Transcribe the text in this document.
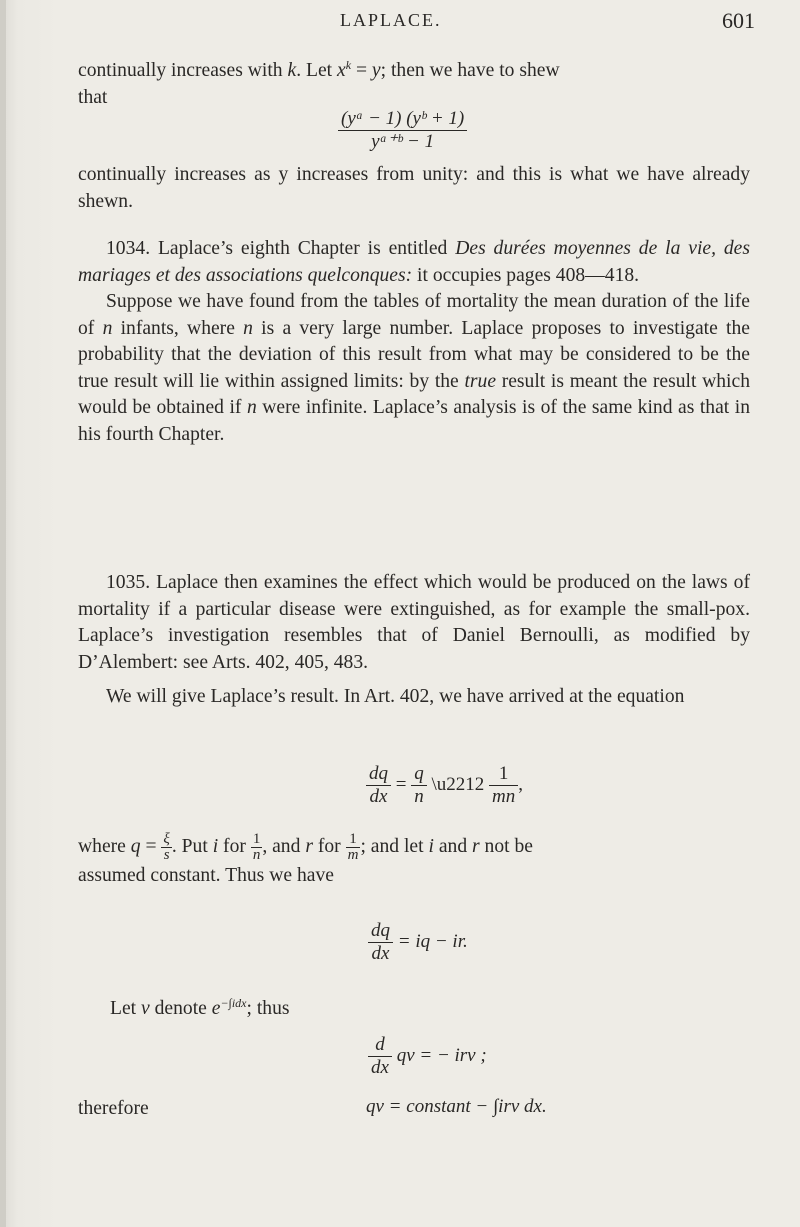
LAPLACE.	601

continually increases with k. Let $x^k = y$; then we have to shew

that

$\frac{\text{(yᵃ − 1) (yᵇ + 1)}}{\text{yᵃ⁺ᵇ − 1}}$

continually increases as y increases from unity: and this is what we have already shewn.

1034. Laplace’s eighth Chapter is entitled Des durées moyennes de la vie, des mariages et des associations quelconques: it occupies pages 408—418.

Suppose we have found from the tables of mortality the mean duration of the life of n infants, where n is a very large number. Laplace proposes to investigate the probability that the deviation of this result from what may be considered to be the true result will lie within assigned limits: by the true result is meant the result which would be obtained if n were infinite. Laplace’s analysis is of the same kind as that in his fourth Chapter.

1035. Laplace then examines the effect which would be produced on the laws of mortality if a particular disease were extinguished, as for example the small-pox. Laplace’s investigation resembles that of Daniel Bernoulli, as modified by D’Alembert: see Arts. 402, 405, 483.

We will give Laplace’s result. In Art. 402, we have arrived at the equation

$\frac{dq}{dx} = \frac{q}{n}$ \u2212 $\frac{1}{mn}$ ,

where $q = \frac{\xi}{s}$ . Put i for $\frac{1}{n}$ , and r for $\frac{1}{m}$ ; and let i and r not be

assumed constant. Thus we have

$\frac{dq}{dx}$ = iq − ir.

Let v denote $e^{-\int idx}$; thus

$\frac{d}{dx}$ qv = − irv ;

therefore	qv = constant − ∫irv dx.
